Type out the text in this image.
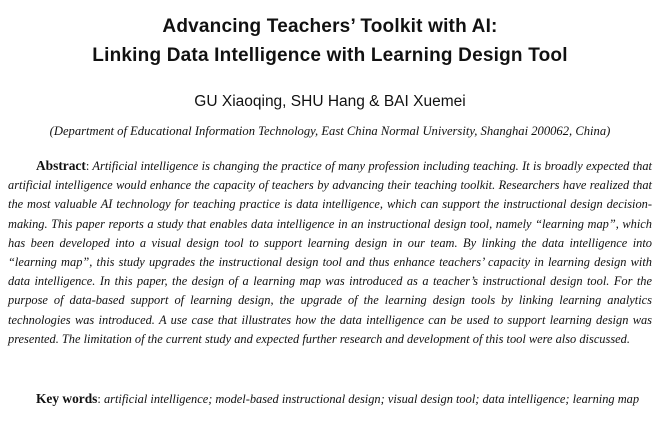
Advancing Teachers’ Toolkit with AI:
Linking Data Intelligence with Learning Design Tool
GU Xiaoqing, SHU Hang & BAI Xuemei
(Department of Educational Information Technology, East China Normal University, Shanghai 200062, China)
Abstract: Artificial intelligence is changing the practice of many profession including teaching. It is broadly expected that artificial intelligence would enhance the capacity of teachers by advancing their teaching toolkit. Researchers have realized that the most valuable AI technology for teaching practice is data intelligence, which can support the instructional design decision-making. This paper reports a study that enables data intelligence in an instructional design tool, namely “learning map”, which has been developed into a visual design tool to support learning design in our team. By linking the data intelligence into “learning map”, this study upgrades the instructional design tool and thus enhance teachers’ capacity in learning design with data intelligence. In this paper, the design of a learning map was introduced as a teacher’s instructional design tool. For the purpose of data-based support of learning design, the upgrade of the learning design tools by linking learning analytics technologies was introduced. A use case that illustrates how the data intelligence can be used to support learning design was presented. The limitation of the current study and expected further research and development of this tool were also discussed.
Key words: artificial intelligence; model-based instructional design; visual design tool; data intelligence; learning map
